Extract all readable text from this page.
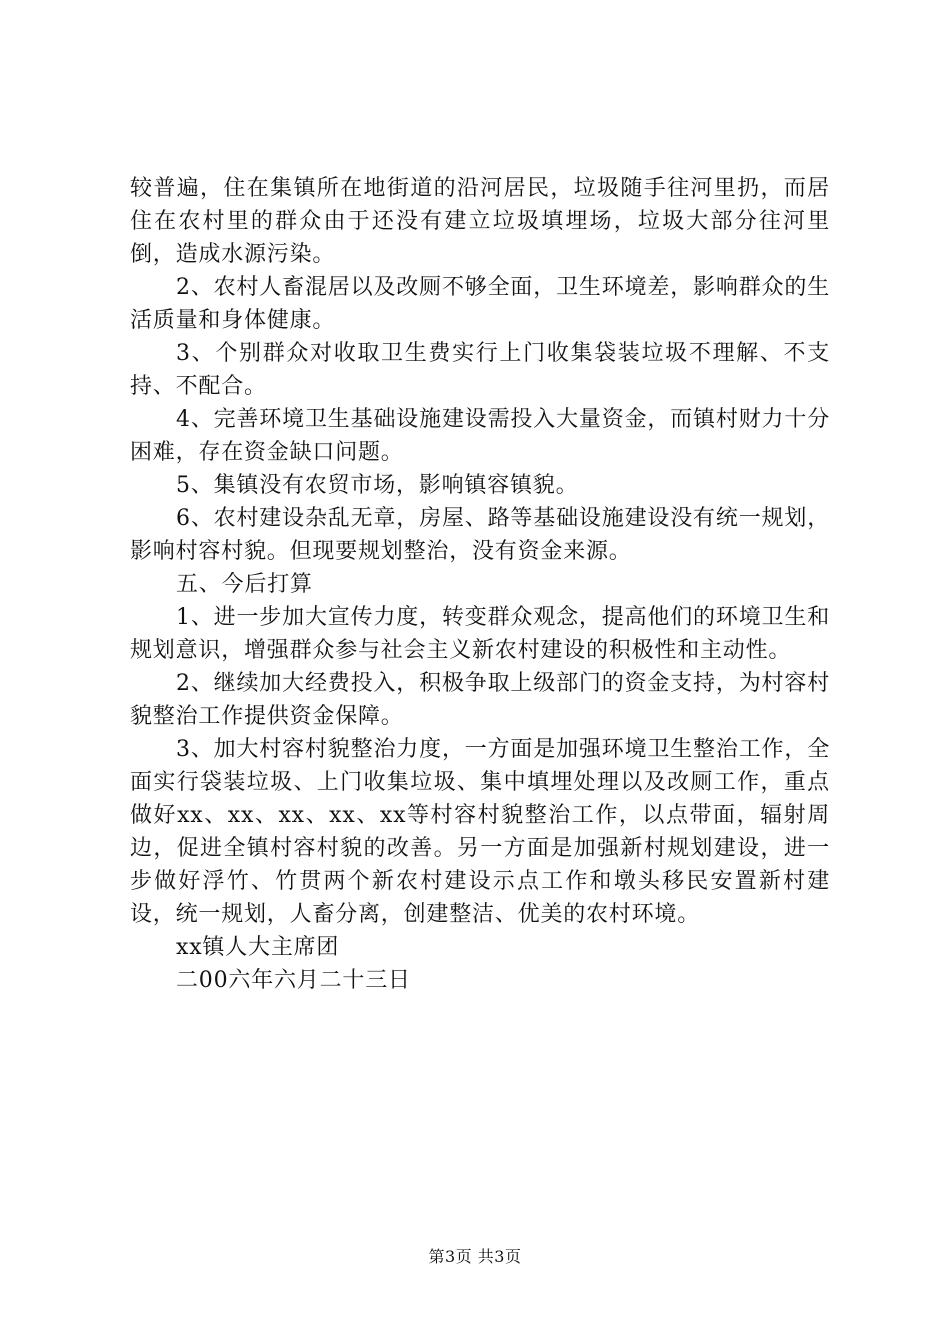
较普遍，住在集镇所在地街道的沿河居民，垃圾随手往河里扔，而居住在农村里的群众由于还没有建立垃圾填埋场，垃圾大部分往河里倒，造成水源污染。

2、农村人畜混居以及改厕不够全面，卫生环境差，影响群众的生活质量和身体健康。

3、个别群众对收取卫生费实行上门收集袋装垃圾不理解、不支持、不配合。

4、完善环境卫生基础设施建设需投入大量资金，而镇村财力十分困难，存在资金缺口问题。

5、集镇没有农贸市场，影响镇容镇貌。

6、农村建设杂乱无章，房屋、路等基础设施建设没有统一规划，影响村容村貌。但现要规划整治，没有资金来源。

五、今后打算

1、进一步加大宣传力度，转变群众观念，提高他们的环境卫生和规划意识，增强群众参与社会主义新农村建设的积极性和主动性。

2、继续加大经费投入，积极争取上级部门的资金支持，为村容村貌整治工作提供资金保障。

3、加大村容村貌整治力度，一方面是加强环境卫生整治工作，全面实行袋装垃圾、上门收集垃圾、集中填埋处理以及改厕工作，重点做好xx、xx、xx、xx、xx等村容村貌整治工作，以点带面，辐射周边，促进全镇村容村貌的改善。另一方面是加强新村规划建设，进一步做好浮竹、竹贯两个新农村建设示点工作和墩头移民安置新村建设，统一规划，人畜分离，创建整洁、优美的农村环境。

xx镇人大主席团

二00六年六月二十三日

第3页 共3页
